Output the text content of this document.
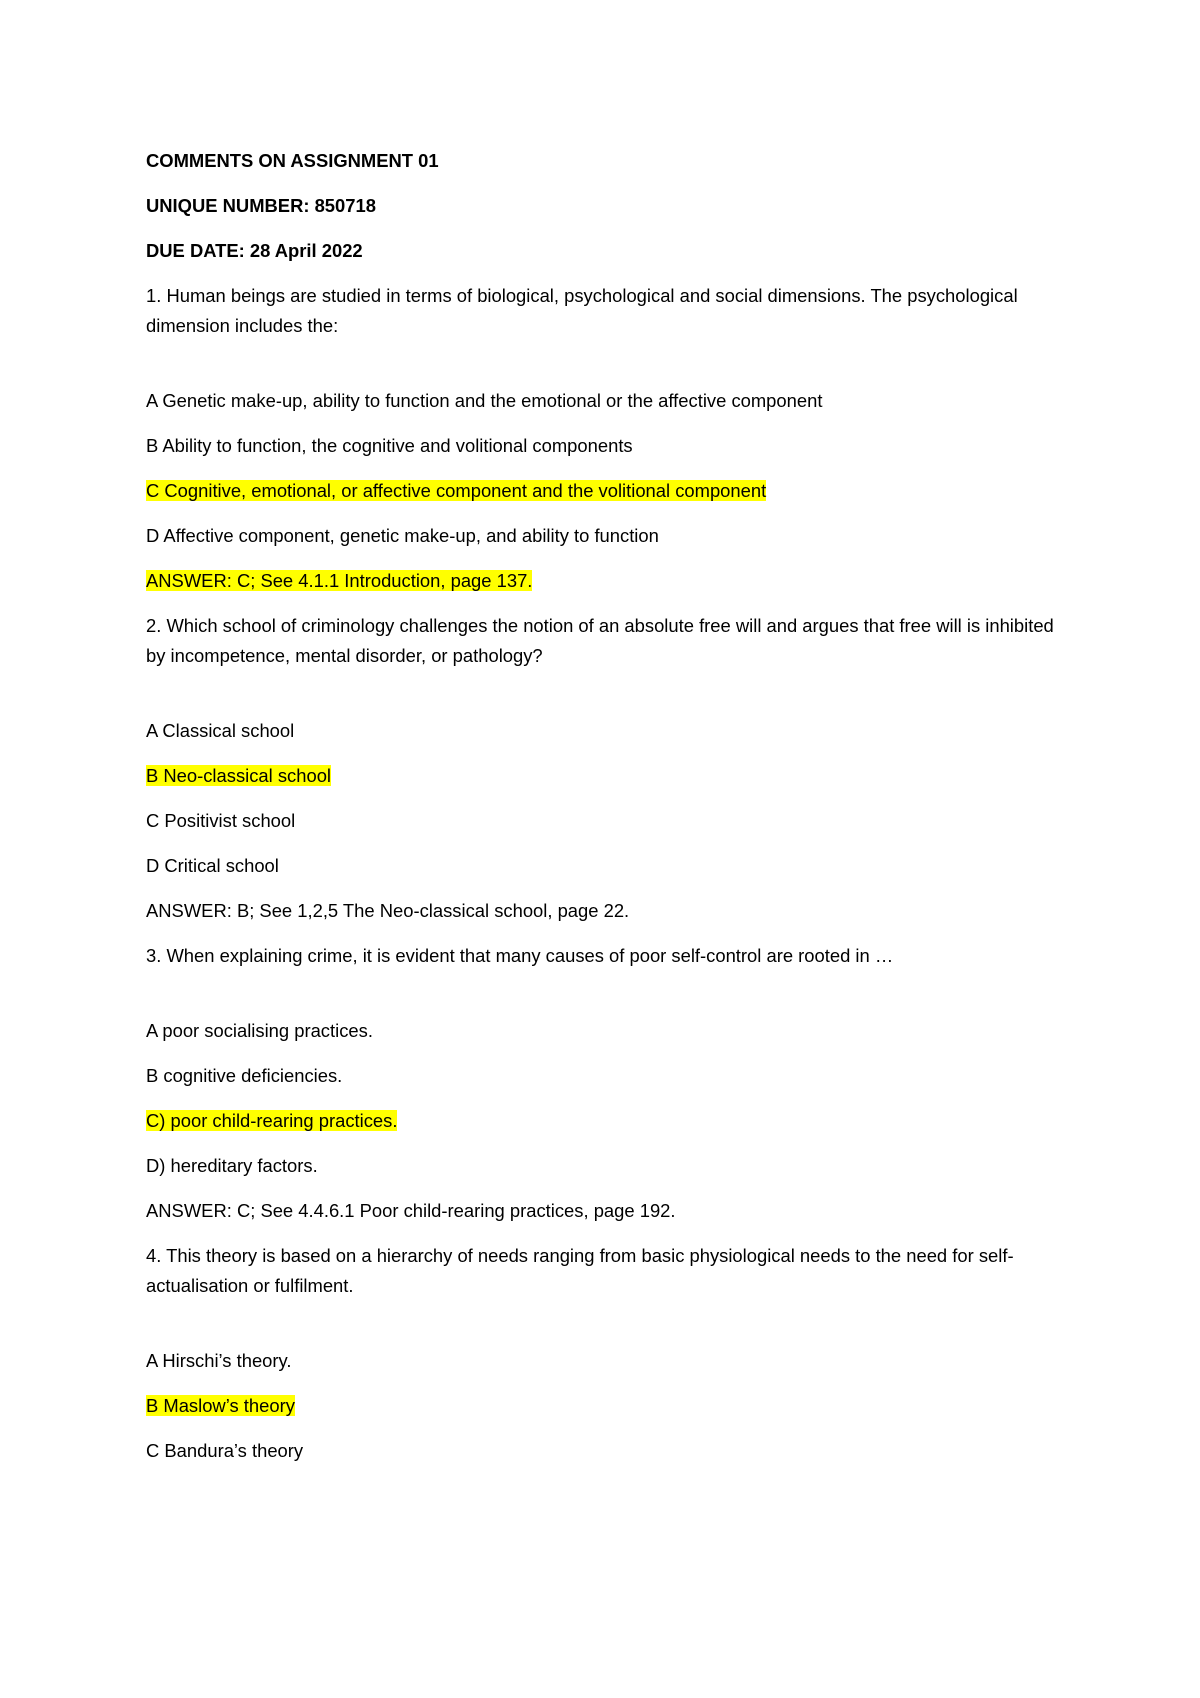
COMMENTS ON ASSIGNMENT 01
UNIQUE NUMBER: 850718
DUE DATE: 28 April 2022
1. Human beings are studied in terms of biological, psychological and social dimensions. The psychological dimension includes the:
A Genetic make-up, ability to function and the emotional or the affective component
B Ability to function, the cognitive and volitional components
C Cognitive, emotional, or affective component and the volitional component
D Affective component, genetic make-up, and ability to function
ANSWER: C; See 4.1.1 Introduction, page 137.
2. Which school of criminology challenges the notion of an absolute free will and argues that free will is inhibited by incompetence, mental disorder, or pathology?
A Classical school
B Neo-classical school
C Positivist school
D Critical school
ANSWER: B; See 1,2,5 The Neo-classical school, page 22.
3. When explaining crime, it is evident that many causes of poor self-control are rooted in …
A poor socialising practices.
B cognitive deficiencies.
C) poor child-rearing practices.
D) hereditary factors.
ANSWER: C; See 4.4.6.1 Poor child-rearing practices, page 192.
4. This theory is based on a hierarchy of needs ranging from basic physiological needs to the need for self-actualisation or fulfilment.
A Hirschi’s theory.
B Maslow’s theory
C Bandura’s theory
